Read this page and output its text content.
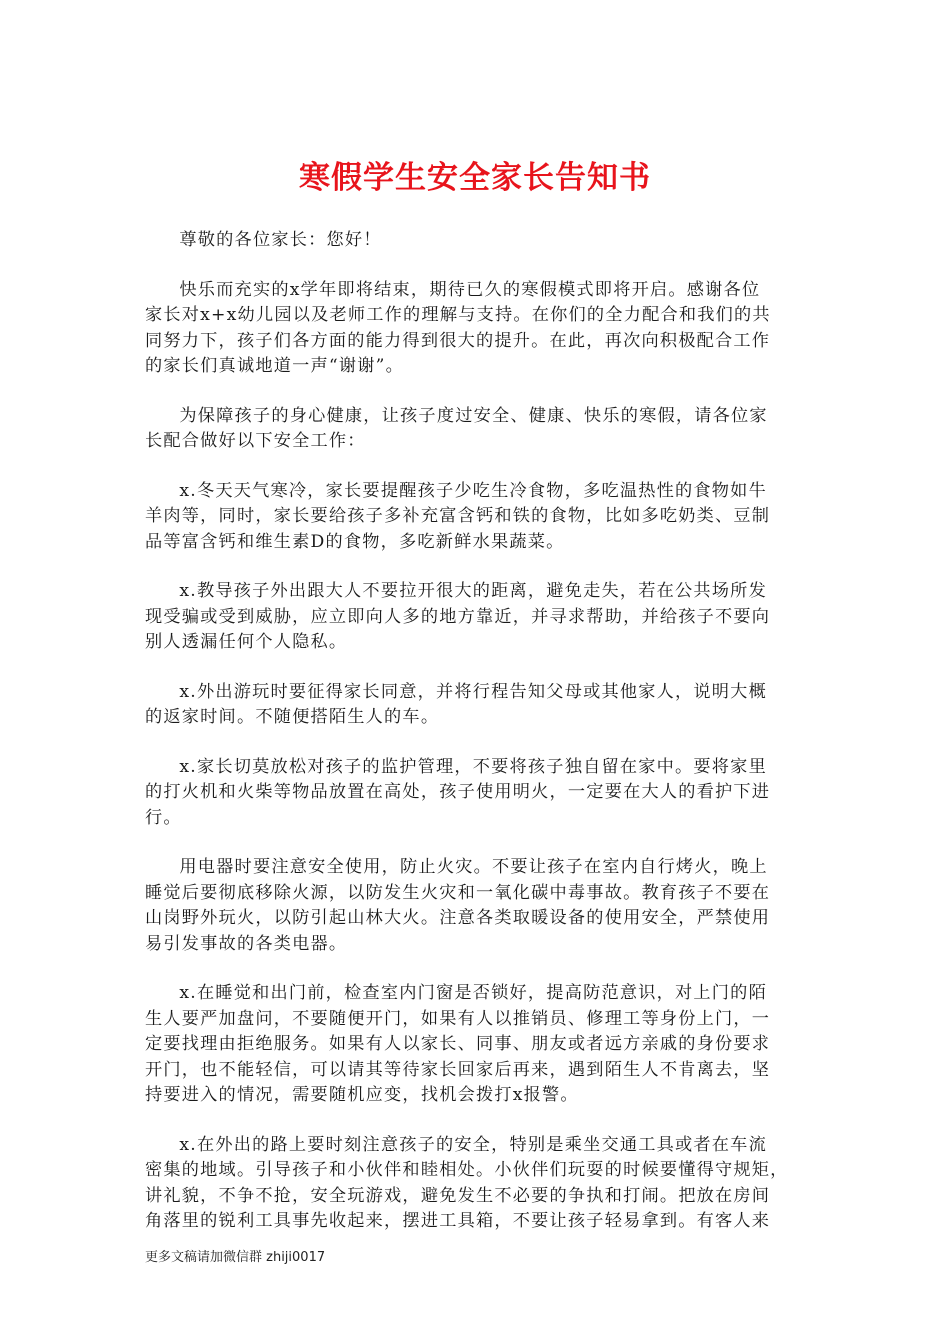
寒假学生安全家长告知书

尊敬的各位家长：您好！

快乐而充实的x学年即将结束，期待已久的寒假模式即将开启。感谢各位
家长对x+x幼儿园以及老师工作的理解与支持。在你们的全力配合和我们的共
同努力下，孩子们各方面的能力得到很大的提升。在此，再次向积极配合工作
的家长们真诚地道一声“谢谢”。

为保障孩子的身心健康，让孩子度过安全、健康、快乐的寒假，请各位家
长配合做好以下安全工作：

x.冬天天气寒冷，家长要提醒孩子少吃生冷食物，多吃温热性的食物如牛
羊肉等，同时，家长要给孩子多补充富含钙和铁的食物，比如多吃奶类、豆制
品等富含钙和维生素D的食物，多吃新鲜水果蔬菜。

x.教导孩子外出跟大人不要拉开很大的距离，避免走失，若在公共场所发
现受骗或受到威胁，应立即向人多的地方靠近，并寻求帮助，并给孩子不要向
别人透漏任何个人隐私。

x.外出游玩时要征得家长同意，并将行程告知父母或其他家人，说明大概
的返家时间。不随便搭陌生人的车。

x.家长切莫放松对孩子的监护管理，不要将孩子独自留在家中。要将家里
的打火机和火柴等物品放置在高处，孩子使用明火，一定要在大人的看护下进
行。

用电器时要注意安全使用，防止火灾。不要让孩子在室内自行烤火，晚上
睡觉后要彻底移除火源，以防发生火灾和一氧化碳中毒事故。教育孩子不要在
山岗野外玩火，以防引起山林大火。注意各类取暖设备的使用安全，严禁使用
易引发事故的各类电器。

x.在睡觉和出门前，检查室内门窗是否锁好，提高防范意识，对上门的陌
生人要严加盘问，不要随便开门，如果有人以推销员、修理工等身份上门，一
定要找理由拒绝服务。如果有人以家长、同事、朋友或者远方亲戚的身份要求
开门，也不能轻信，可以请其等待家长回家后再来，遇到陌生人不肯离去，坚
持要进入的情况，需要随机应变，找机会拨打x报警。

x.在外出的路上要时刻注意孩子的安全，特别是乘坐交通工具或者在车流
密集的地域。引导孩子和小伙伴和睦相处。小伙伴们玩耍的时候要懂得守规矩，
讲礼貌，不争不抢，安全玩游戏，避免发生不必要的争执和打闹。把放在房间
角落里的锐利工具事先收起来，摆进工具箱，不要让孩子轻易拿到。有客人来

更多文稿请加微信群 zhiji0017
